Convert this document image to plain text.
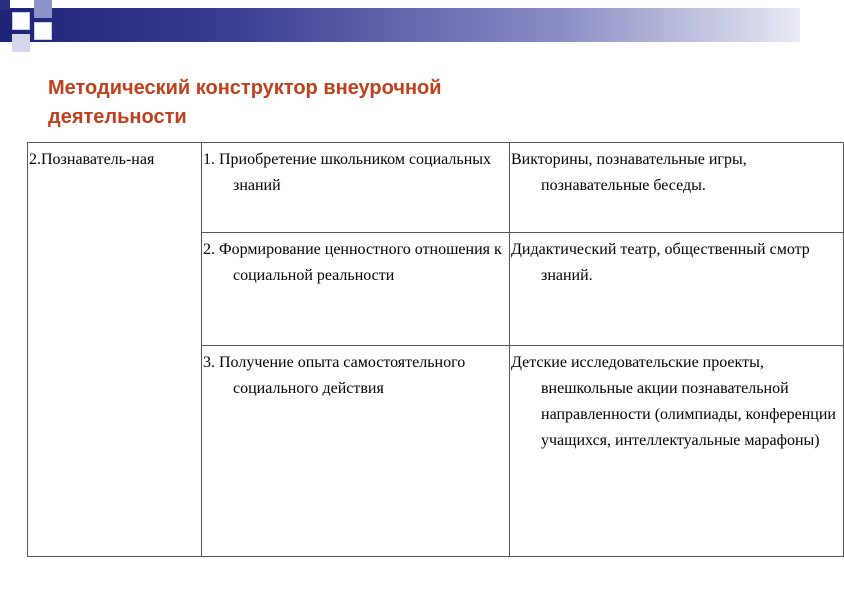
Методический конструктор внеурочной
деятельности
2.Познаватель-ная	1. Приобретение школьником социальных знаний	Викторины, познавательные игры, познавательные беседы.
	2. Формирование ценностного отношения к социальной реальности	Дидактический театр, общественный смотр знаний.
	3. Получение опыта самостоятельного социального действия	Детские исследовательские проекты, внешкольные акции познавательной направленности (олимпиады, конференции учащихся, интеллектуальные марафоны)
